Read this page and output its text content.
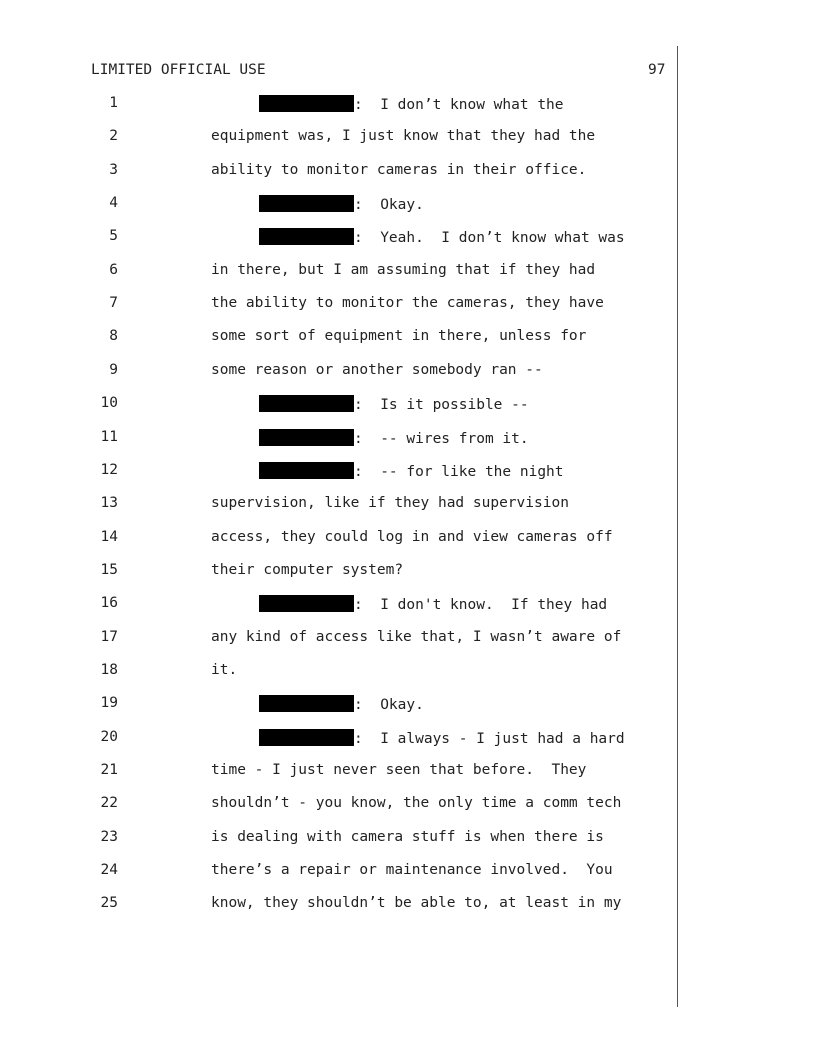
LIMITED OFFICIAL USE	97
1	:  I don’t know what the
2	equipment was, I just know that they had the
3	ability to monitor cameras in their office.
4	:  Okay.
5	:  Yeah.  I don’t know what was
6	in there, but I am assuming that if they had
7	the ability to monitor the cameras, they have
8	some sort of equipment in there, unless for
9	some reason or another somebody ran --
10	:  Is it possible --
11	:  -- wires from it.
12	:  -- for like the night
13	supervision, like if they had supervision
14	access, they could log in and view cameras off
15	their computer system?
16	:  I don't know.  If they had
17	any kind of access like that, I wasn’t aware of
18	it.
19	:  Okay.
20	:  I always - I just had a hard
21	time - I just never seen that before.  They
22	shouldn’t - you know, the only time a comm tech
23	is dealing with camera stuff is when there is
24	there’s a repair or maintenance involved.  You
25	know, they shouldn’t be able to, at least in my
